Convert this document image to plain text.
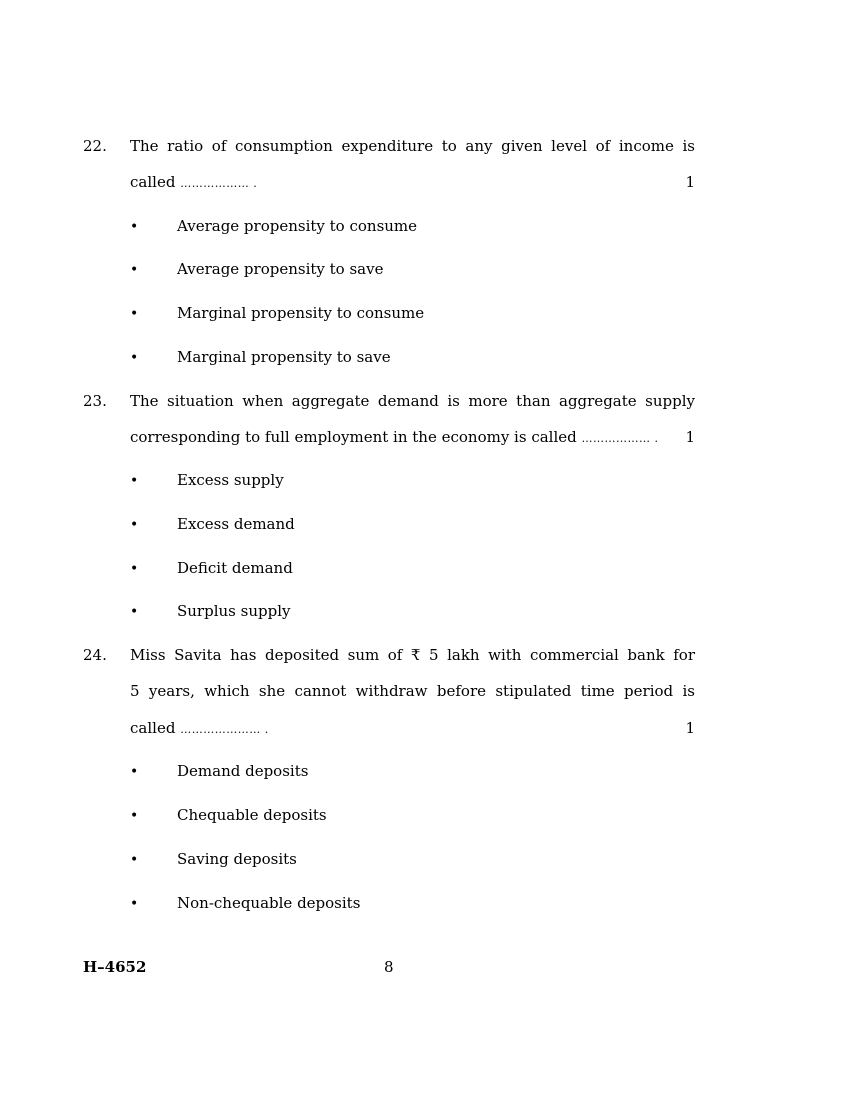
22. The ratio of consumption expenditure to any given level of income is
called ……………… .	1
•	Average propensity to consume
•	Average propensity to save
•	Marginal propensity to consume
•	Marginal propensity to save
23. The situation when aggregate demand is more than aggregate supply
corresponding to full employment in the economy is called ……………… . 1
•	Excess supply
•	Excess demand
•	Deficit demand
•	Surplus supply
24. Miss Savita has deposited sum of ₹ 5 lakh with commercial bank for
5 years, which she cannot withdraw before stipulated time period is
called ………………… .	1
•	Demand deposits
•	Chequable deposits
•	Saving deposits
•	Non-chequable deposits
H–4652	8
